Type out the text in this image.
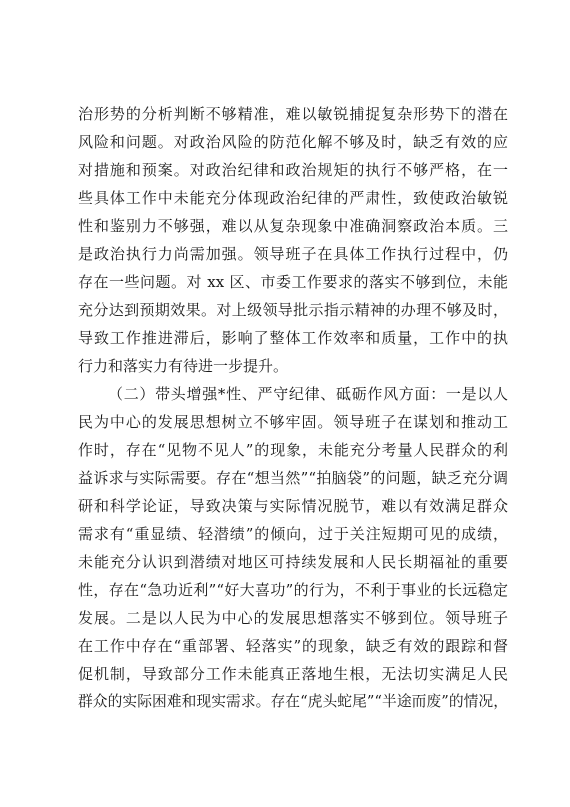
治形势的分析判断不够精准，难以敏锐捕捉复杂形势下的潜在
风险和问题。对政治风险的防范化解不够及时，缺乏有效的应
对措施和预案。对政治纪律和政治规矩的执行不够严格，在一
些具体工作中未能充分体现政治纪律的严肃性，致使政治敏锐
性和鉴别力不够强，难以从复杂现象中准确洞察政治本质。三
是政治执行力尚需加强。领导班子在具体工作执行过程中，仍
存在一些问题。对 xx 区、市委工作要求的落实不够到位，未能
充分达到预期效果。对上级领导批示指示精神的办理不够及时，
导致工作推进滞后，影响了整体工作效率和质量，工作中的执
行力和落实力有待进一步提升。
（二）带头增强*性、严守纪律、砥砺作风方面：一是以人
民为中心的发展思想树立不够牢固。领导班子在谋划和推动工
作时，存在“见物不见人”的现象，未能充分考量人民群众的利
益诉求与实际需要。存在“想当然”“拍脑袋”的问题，缺乏充分调
研和科学论证，导致决策与实际情况脱节，难以有效满足群众
需求有“重显绩、轻潜绩”的倾向，过于关注短期可见的成绩，
未能充分认识到潜绩对地区可持续发展和人民长期福祉的重要
性，存在“急功近利”“好大喜功”的行为，不利于事业的长远稳定
发展。二是以人民为中心的发展思想落实不够到位。领导班子
在工作中存在“重部署、轻落实”的现象，缺乏有效的跟踪和督
促机制，导致部分工作未能真正落地生根，无法切实满足人民
群众的实际困难和现实需求。存在“虎头蛇尾”“半途而废”的情况，
